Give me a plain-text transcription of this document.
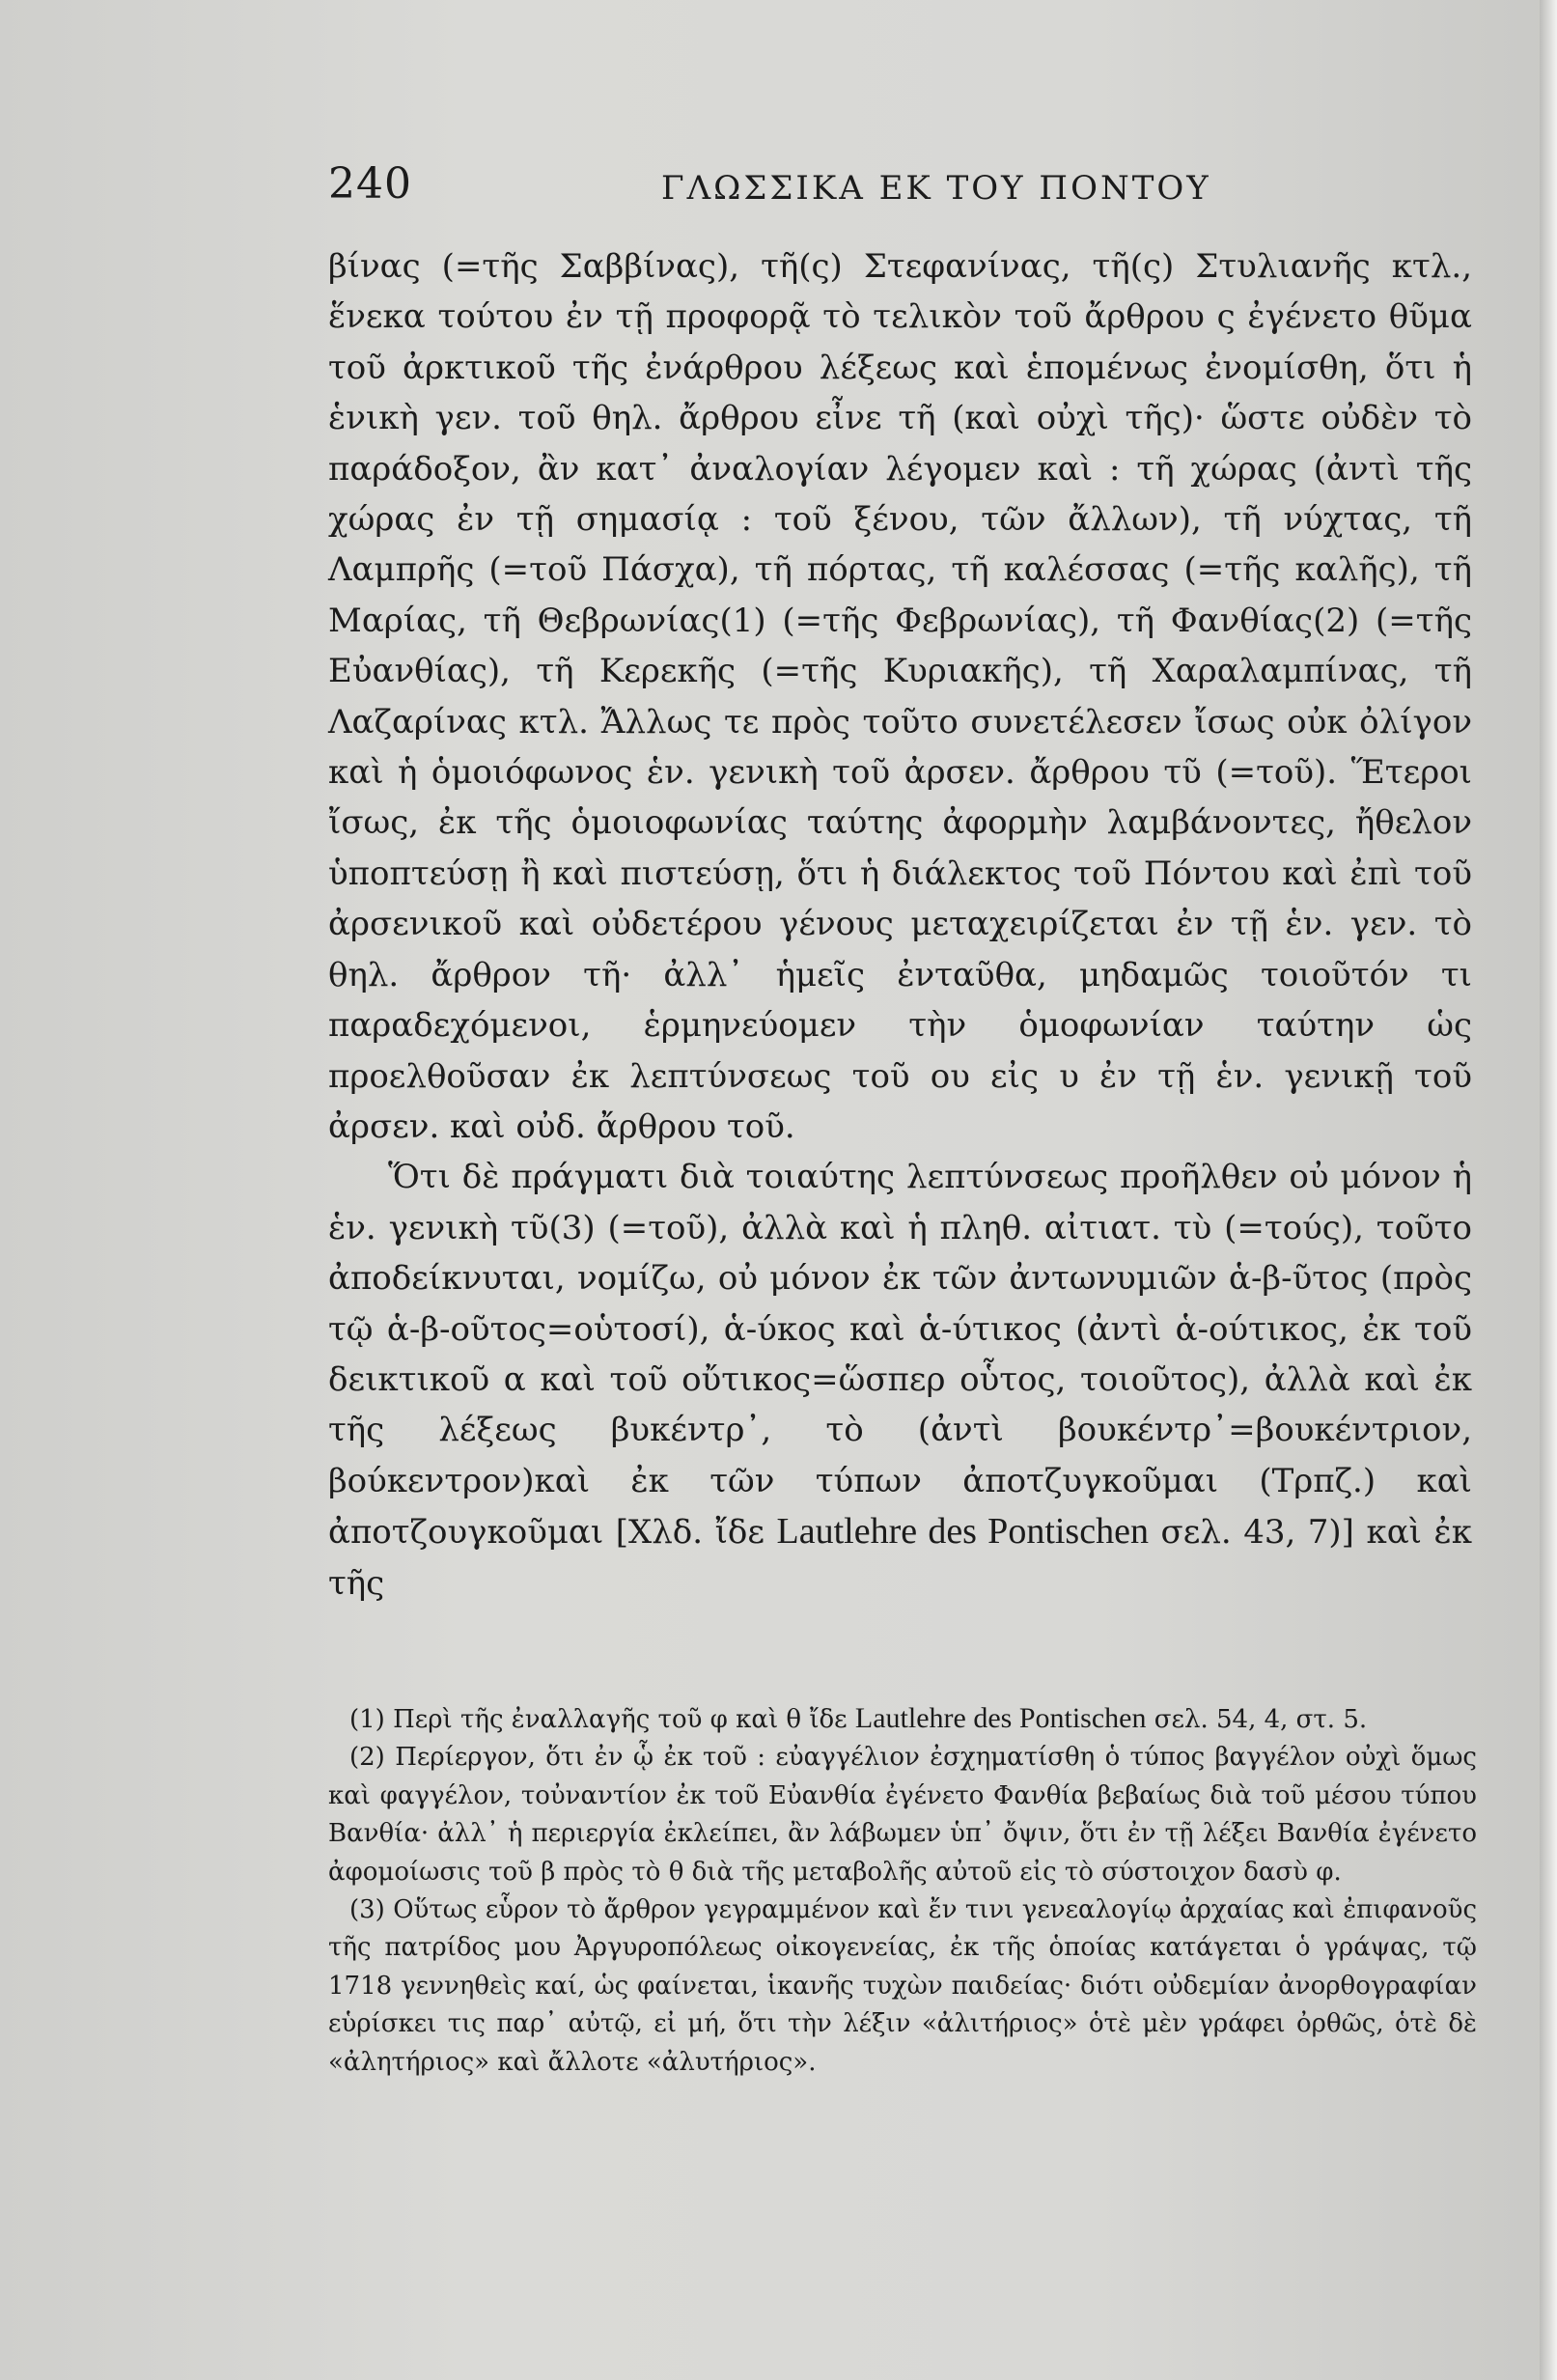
240	ΓΛΩΣΣΙΚΑ ΕΚ ΤΟΥ ΠΟΝΤΟΥ

βίνας (=τῆς Σαββίνας), τῆ(ς) Στεφανίνας, τῆ(ς) Στυλιανῆς κτλ., ἕνεκα τούτου ἐν τῇ προφορᾷ τὸ τελικὸν τοῦ ἄρθρου ς ἐγένετο θῦμα τοῦ ἀρκτικοῦ τῆς ἐνάρθρου λέξεως καὶ ἑπομένως ἐνομίσθη, ὅτι ἡ ἑνικὴ γεν. τοῦ θηλ. ἄρθρου εἶνε τῆ (καὶ οὐχὶ τῆς)· ὥστε οὐδὲν τὸ παράδοξον, ἂν κατ᾽ ἀναλογίαν λέγομεν καὶ : τῆ χώρας (ἀντὶ τῆς χώρας ἐν τῇ σημασίᾳ : τοῦ ξένου, τῶν ἄλλων), τῆ νύχτας, τῆ Λαμπρῆς (=τοῦ Πάσχα), τῆ πόρτας, τῆ καλέσσας (=τῆς καλῆς), τῆ Μαρίας, τῆ Θεβρωνίας(1) (=τῆς Φεβρωνίας), τῆ Φανθίας(2) (=τῆς Εὐανθίας), τῆ Κερεκῆς (=τῆς Κυριακῆς), τῆ Χαραλαμπίνας, τῆ Λαζαρίνας κτλ. Ἄλλως τε πρὸς τοῦτο συνετέλεσεν ἴσως οὐκ ὀλίγον καὶ ἡ ὁμοιόφωνος ἑν. γενικὴ τοῦ ἀρσεν. ἄρθρου τῦ (=τοῦ). Ἕτεροι ἴσως, ἐκ τῆς ὁμοιοφωνίας ταύτης ἀφορμὴν λαμβάνοντες, ἤθελον ὑποπτεύσῃ ἢ καὶ πιστεύσῃ, ὅτι ἡ διάλεκτος τοῦ Πόντου καὶ ἐπὶ τοῦ ἀρσενικοῦ καὶ οὐδετέρου γένους μεταχειρίζεται ἐν τῇ ἑν. γεν. τὸ θηλ. ἄρθρον τῆ· ἀλλ᾽ ἡμεῖς ἐνταῦθα, μηδαμῶς τοιοῦτόν τι παραδεχόμενοι, ἑρμηνεύομεν τὴν ὁμοφωνίαν ταύτην ὡς προελθοῦσαν ἐκ λεπτύνσεως τοῦ ου εἰς υ ἐν τῇ ἑν. γενικῇ τοῦ ἀρσεν. καὶ οὐδ. ἄρθρου τοῦ.

Ὅτι δὲ πράγματι διὰ τοιαύτης λεπτύνσεως προῆλθεν οὐ μόνον ἡ ἑν. γενικὴ τῦ(3) (=τοῦ), ἀλλὰ καὶ ἡ πληθ. αἰτιατ. τὺ (=τούς), τοῦτο ἀποδείκνυται, νομίζω, οὐ μόνον ἐκ τῶν ἀντωνυμιῶν ἁ-β-ῦτος (πρὸς τῷ ἁ-β-οῦτος=οὑτοσί), ἁ-ύκος καὶ ἁ-ύτικος (ἀντὶ ἁ-ούτικος, ἐκ τοῦ δεικτικοῦ α καὶ τοῦ οὔτικος=ὥσπερ οὗτος, τοιοῦτος), ἀλλὰ καὶ ἐκ τῆς λέξεως βυκέντρ᾽, τὸ (ἀντὶ βουκέντρ᾽=βουκέντριον, βούκεντρον)καὶ ἐκ τῶν τύπων ἀποτζυγκοῦμαι (Τρπζ.) καὶ ἀποτζουγκοῦμαι [Χλδ. ἴδε Lautlehre des Pontischen σελ. 43, 7)] καὶ ἐκ τῆς

(1) Περὶ τῆς ἐναλλαγῆς τοῦ φ καὶ θ ἴδε Lautlehre des Pontischen σελ. 54, 4, στ. 5.

(2) Περίεργον, ὅτι ἐν ᾧ ἐκ τοῦ : εὐαγγέλιον ἐσχηματίσθη ὁ τύπος βαγγέλον οὐχὶ ὅμως καὶ φαγγέλον, τοὐναντίον ἐκ τοῦ Εὐανθία ἐγένετο Φανθία βεβαίως διὰ τοῦ μέσου τύπου Βανθία· ἀλλ᾽ ἡ περιεργία ἐκλείπει, ἂν λάβωμεν ὑπ᾽ ὄψιν, ὅτι ἐν τῇ λέξει Βανθία ἐγένετο ἀφομοίωσις τοῦ β πρὸς τὸ θ διὰ τῆς μεταβολῆς αὐτοῦ εἰς τὸ σύστοιχον δασὺ φ.

(3) Οὕτως εὗρον τὸ ἄρθρον γεγραμμένον καὶ ἔν τινι γενεαλογίῳ ἀρχαίας καὶ ἐπιφανοῦς τῆς πατρίδος μου Ἀργυροπόλεως οἰκογενείας, ἐκ τῆς ὁποίας κατάγεται ὁ γράψας, τῷ 1718 γεννηθεὶς καί, ὡς φαίνεται, ἱκανῆς τυχὼν παιδείας· διότι οὐδεμίαν ἀνορθογραφίαν εὑρίσκει τις παρ᾽ αὐτῷ, εἰ μή, ὅτι τὴν λέξιν «ἀλιτήριος» ὁτὲ μὲν γράφει ὀρθῶς, ὁτὲ δὲ «ἀλητήριος» καὶ ἄλλοτε «ἀλυτήριος».
